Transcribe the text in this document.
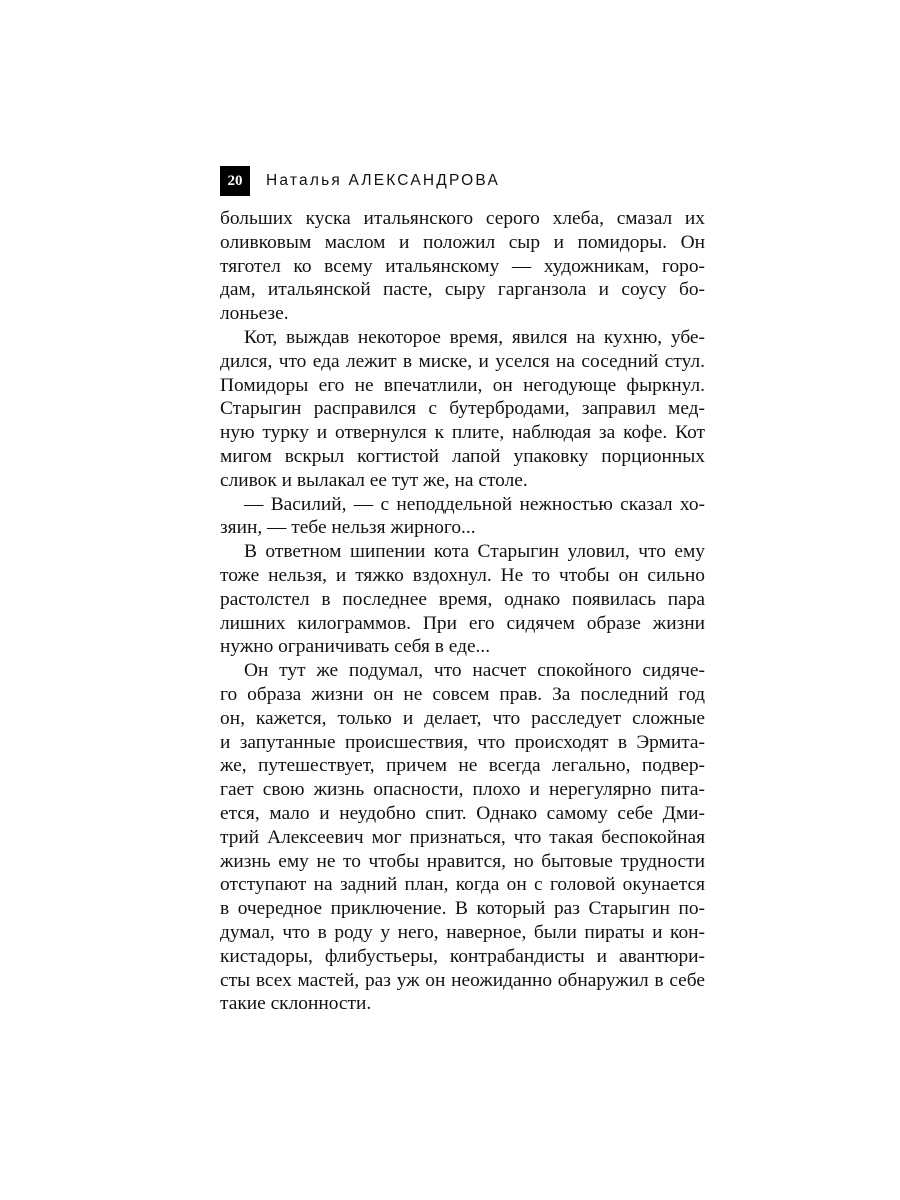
20	Наталья АЛЕКСАНДРОВА
больших куска итальянского серого хлеба, смазал их
оливковым маслом и положил сыр и помидоры. Он
тяготел ко всему итальянскому — художникам, горо-
дам, итальянской пасте, сыру гарганзола и соусу бо-
лоньезе.
Кот, выждав некоторое время, явился на кухню, убе-
дился, что еда лежит в миске, и уселся на соседний стул.
Помидоры его не впечатлили, он негодующе фыркнул.
Старыгин расправился с бутербродами, заправил мед-
ную турку и отвернулся к плите, наблюдая за кофе. Кот
мигом вскрыл когтистой лапой упаковку порционных
сливок и вылакал ее тут же, на столе.
— Василий, — с неподдельной нежностью сказал хо-
зяин, — тебе нельзя жирного...
В ответном шипении кота Старыгин уловил, что ему
тоже нельзя, и тяжко вздохнул. Не то чтобы он сильно
растолстел в последнее время, однако появилась пара
лишних килограммов. При его сидячем образе жизни
нужно ограничивать себя в еде...
Он тут же подумал, что насчет спокойного сидяче-
го образа жизни он не совсем прав. За последний год
он, кажется, только и делает, что расследует сложные
и запутанные происшествия, что происходят в Эрмита-
же, путешествует, причем не всегда легально, подвер-
гает свою жизнь опасности, плохо и нерегулярно пита-
ется, мало и неудобно спит. Однако самому себе Дми-
трий Алексеевич мог признаться, что такая беспокойная
жизнь ему не то чтобы нравится, но бытовые трудности
отступают на задний план, когда он с головой окунается
в очередное приключение. В который раз Старыгин по-
думал, что в роду у него, наверное, были пираты и кон-
кистадоры, флибустьеры, контрабандисты и авантюри-
сты всех мастей, раз уж он неожиданно обнаружил в себе
такие склонности.
